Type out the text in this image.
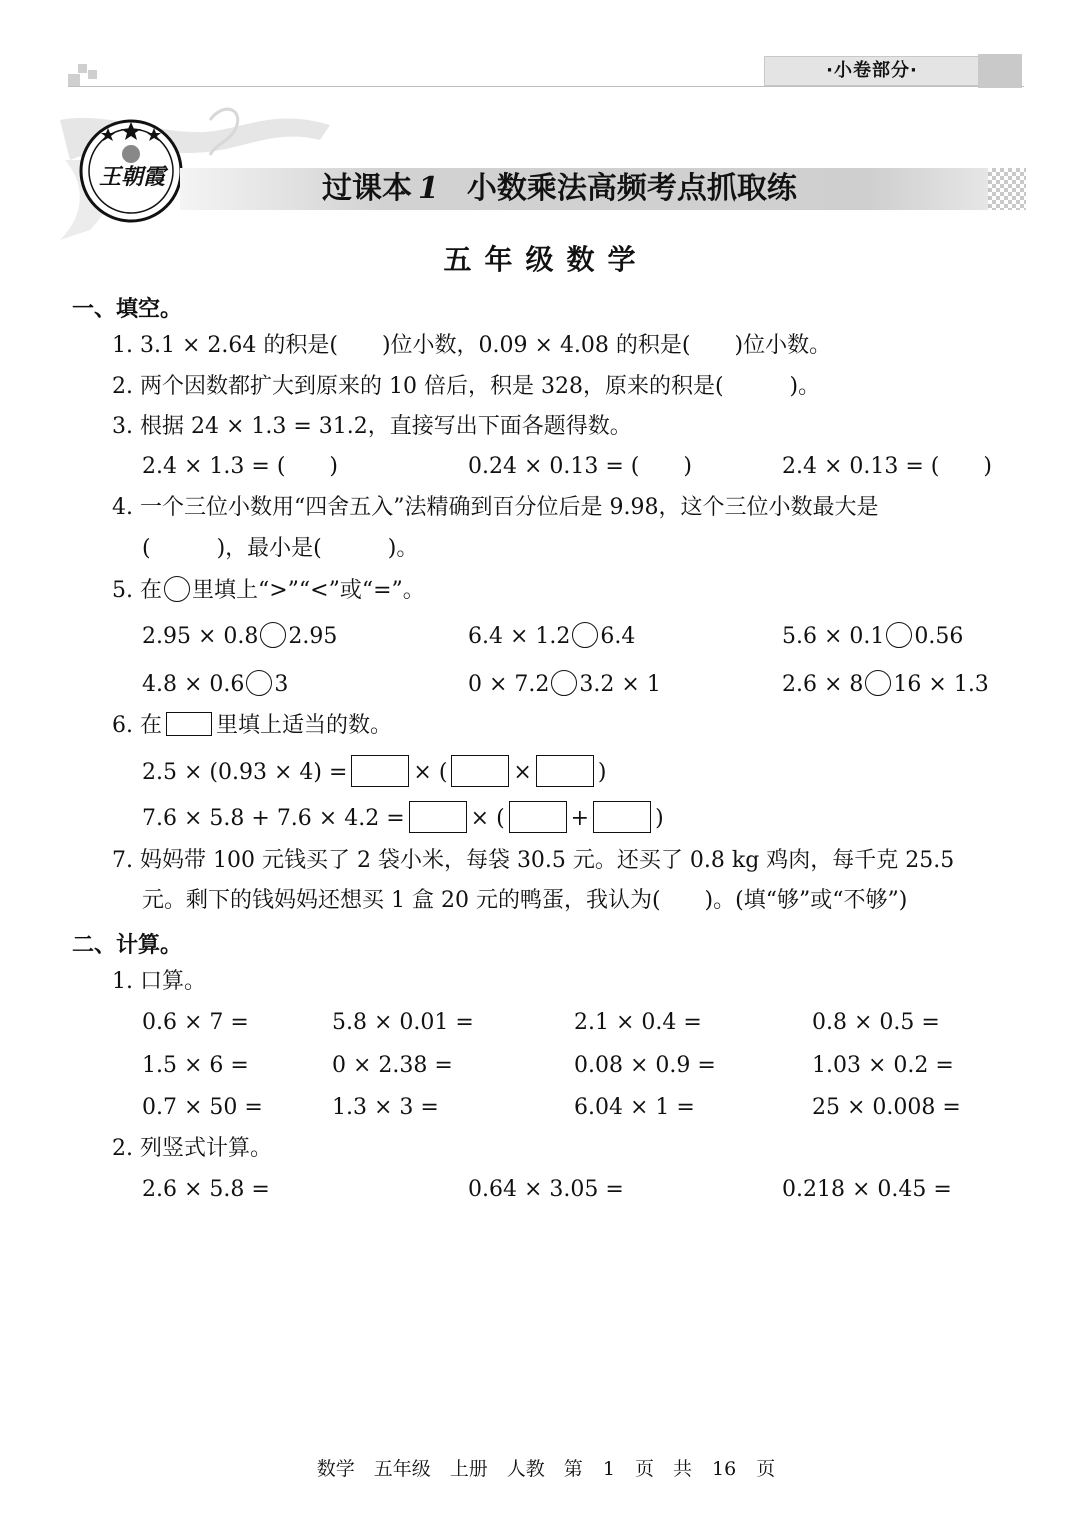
·小卷部分·
王朝霞	过课本 1 小数乘法高频考点抓取练
五年级数学
一、填空。
1. 3.1 × 2.64 的积是(　　)位小数，0.09 × 4.08 的积是(　　)位小数。
2. 两个因数都扩大到原来的 10 倍后，积是 328，原来的积是(　　　)。
3. 根据 24 × 1.3 = 31.2，直接写出下面各题得数。
2.4 × 1.3 = (　　)	0.24 × 0.13 = (　　)	2.4 × 0.13 = (　　)
4. 一个三位小数用“四舍五入”法精确到百分位后是 9.98，这个三位小数最大是
(　　　)，最小是(　　　)。
5. 在 里填上“>”“<”或“=”。
2.95 × 0.8 2.95	6.4 × 1.2 6.4	5.6 × 0.1 0.56
4.8 × 0.6 3	0 × 7.2 3.2 × 1	2.6 × 8 16 × 1.3
6. 在 里填上适当的数。
2.5 × (0.93 × 4) =	× (	×	)
7.6 × 5.8 + 7.6 × 4.2 =	× (	+	)
7. 妈妈带 100 元钱买了 2 袋小米，每袋 30.5 元。还买了 0.8 kg 鸡肉，每千克 25.5
元。剩下的钱妈妈还想买 1 盒 20 元的鸭蛋，我认为(　　)。(填“够”或“不够”)
二、计算。
1. 口算。
0.6 × 7 =	5.8 × 0.01 =	2.1 × 0.4 =	0.8 × 0.5 =
1.5 × 6 =	0 × 2.38 =	0.08 × 0.9 =	1.03 × 0.2 =
0.7 × 50 =	1.3 × 3 =	6.04 × 1 =	25 × 0.008 =
2. 列竖式计算。
2.6 × 5.8 =	0.64 × 3.05 =	0.218 × 0.45 =
数学　五年级　上册　人教　第 1 页　共 16 页
